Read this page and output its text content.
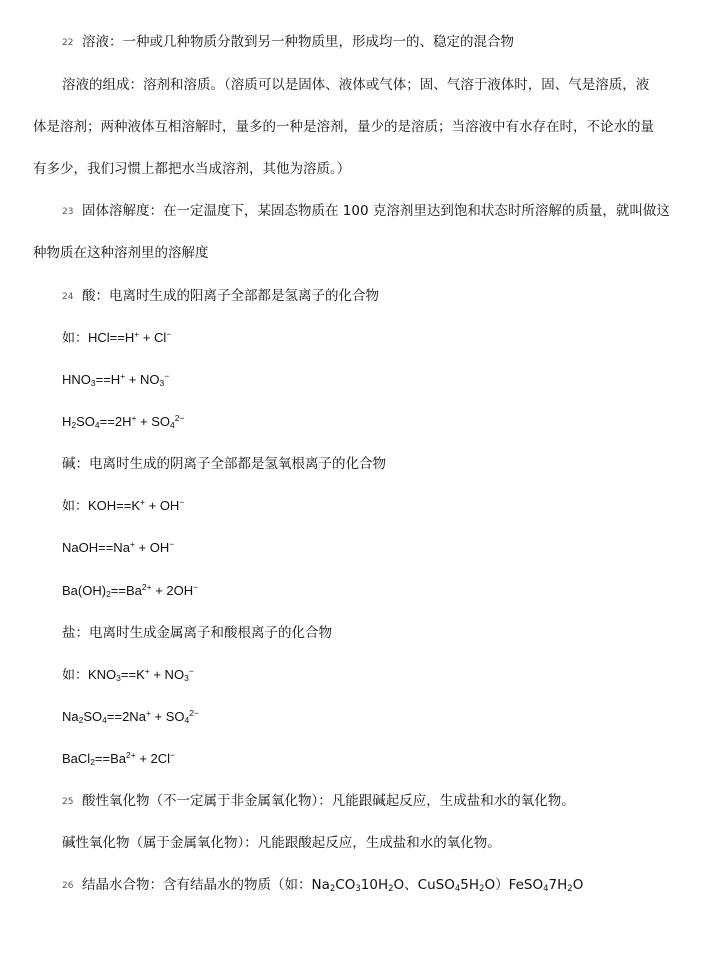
22 溶液：一种或几种物质分散到另一种物质里，形成均一的、稳定的混合物
溶液的组成：溶剂和溶质。（溶质可以是固体、液体或气体；固、气溶于液体时，固、气是溶质，液
体是溶剂；两种液体互相溶解时，量多的一种是溶剂，量少的是溶质；当溶液中有水存在时，不论水的量
有多少，我们习惯上都把水当成溶剂，其他为溶质。）
23 固体溶解度：在一定温度下，某固态物质在 100 克溶剂里达到饱和状态时所溶解的质量，就叫做这
种物质在这种溶剂里的溶解度
24 酸：电离时生成的阳离子全部都是氢离子的化合物
如：HCl==H+ + Cl−
$HNO_3==H^+ + NO_3^-$
$H_2SO_4==2H^+ + SO_4^{2-}$
碱：电离时生成的阴离子全部都是氢氧根离子的化合物
如：KOH==K+ + OH−
NaOH==Na+ + OH−
$Ba(OH)_2==Ba^{2+} + 2OH^-$
盐：电离时生成金属离子和酸根离子的化合物
如：$KNO_3==K^+ + NO_3^-$
$Na_2SO_4==2Na^+ + SO_4^{2-}$
$BaCl_2==Ba^{2+} + 2Cl^-$
25 酸性氧化物（不一定属于非金属氧化物）：凡能跟碱起反应，生成盐和水的氧化物。
碱性氧化物（属于金属氧化物）：凡能跟酸起反应，生成盐和水的氧化物。
26 结晶水合物：含有结晶水的物质（如：$Na_2CO_310H_2O$、$CuSO_45H_2O)FeSO_47H_2O$
